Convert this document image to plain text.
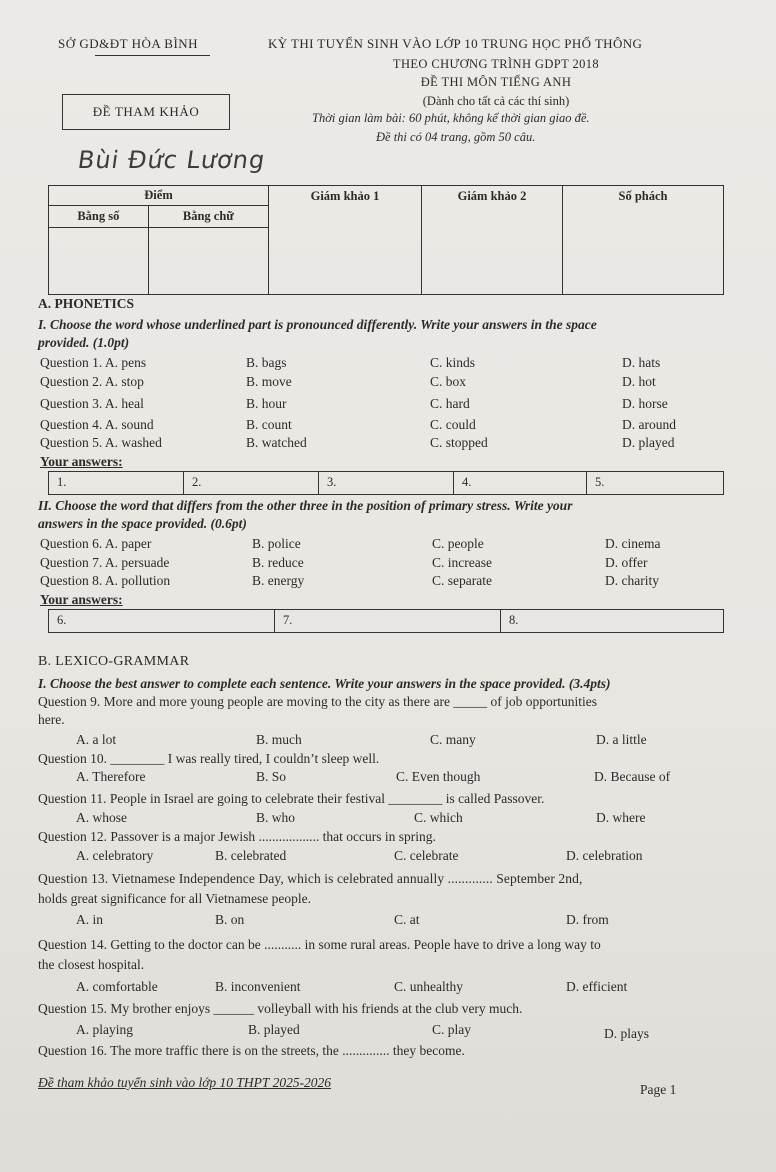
SỞ GD&ĐT HÒA BÌNH	KỲ THI TUYỂN SINH VÀO LỚP 10 TRUNG HỌC PHỔ THÔNG
THEO CHƯƠNG TRÌNH GDPT 2018
ĐỀ THI MÔN TIẾNG ANH
ĐỀ THAM KHẢO
(Dành cho tất cả các thí sinh)
Thời gian làm bài: 60 phút, không kể thời gian giao đề.
Đề thi có 04 trang, gồm 50 câu.
Bùi Đức Lương
Điểm		Giám khảo 1	Giám khảo 2	Số phách
Bằng số	Bằng chữ			

A. PHONETICS
I. Choose the word whose underlined part is pronounced differently. Write your answers in the space
provided. (1.0pt)
Question 1. A. pens	B. bags	C. kinds	D. hats
Question 2. A. stop	B. move	C. box	D. hot
Question 3. A. heal	B. hour	C. hard	D. horse
Question 4. A. sound	B. count	C. could	D. around
Question 5. A. washed	B. watched	C. stopped	D. played
Your answers:
1.	2.	3.	4.	5.
II. Choose the word that differs from the other three in the position of primary stress. Write your
answers in the space provided. (0.6pt)
Question 6. A. paper	B. police	C. people	D. cinema
Question 7. A. persuade	B. reduce	C. increase	D. offer
Question 8. A. pollution	B. energy	C. separate	D. charity
Your answers:
6.	7.	8.
B. LEXICO-GRAMMAR
I. Choose the best answer to complete each sentence. Write your answers in the space provided. (3.4pts)
Question 9. More and more young people are moving to the city as there are _____ of job opportunities
here.
A. a lot	B. much	C. many	D. a little
Question 10. ________ I was really tired, I couldn’t sleep well.
A. Therefore	B. So	C. Even though	D. Because of
Question 11. People in Israel are going to celebrate their festival ________ is called Passover.
A. whose	B. who	C. which	D. where
Question 12. Passover is a major Jewish .................. that occurs in spring.
A. celebratory	B. celebrated	C. celebrate	D. celebration
Question 13. Vietnamese Independence Day, which is celebrated annually ............. September 2nd,
holds great significance for all Vietnamese people.
A. in	B. on	C. at	D. from
Question 14. Getting to the doctor can be ........... in some rural areas. People have to drive a long way to
the closest hospital.
A. comfortable	B. inconvenient	C. unhealthy	D. efficient
Question 15. My brother enjoys ______ volleyball with his friends at the club very much.
A. playing	B. played	C. play	D. plays
Question 16. The more traffic there is on the streets, the .............. they become.
Đề tham khảo tuyển sinh vào lớp 10 THPT 2025-2026	Page 1
